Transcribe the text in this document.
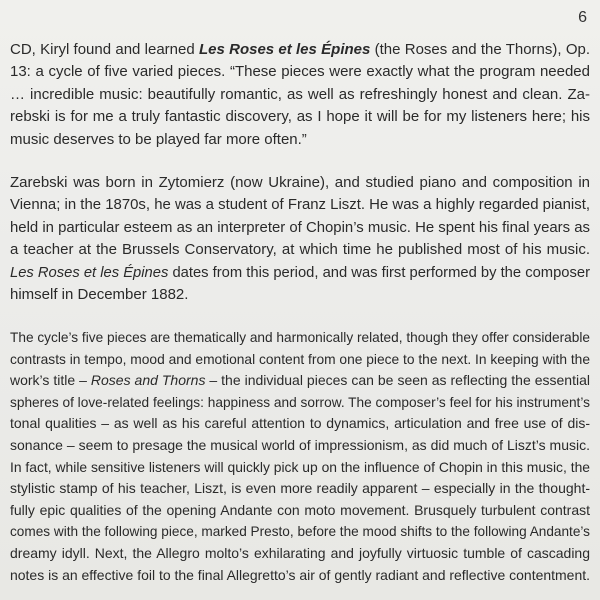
6
CD, Kiryl found and learned Les Roses et les Épines (the Roses and the Thorns), Op.
13: a cycle of five varied pieces. “These pieces were exactly what the program needed
… incredible music: beautifully romantic, as well as refreshingly honest and clean. Za-
rebski is for me a truly fantastic discovery, as I hope it will be for my listeners here; his
music deserves to be played far more often.”
Zarebski was born in Zytomierz (now Ukraine), and studied piano and composition in
Vienna; in the 1870s, he was a student of Franz Liszt. He was a highly regarded pianist,
held in particular esteem as an interpreter of Chopin’s music. He spent his final years as
a teacher at the Brussels Conservatory, at which time he published most of his music.
Les Roses et les Épines dates from this period, and was first performed by the composer
himself in December 1882.
The cycle’s five pieces are thematically and harmonically related, though they offer considerable
contrasts in tempo, mood and emotional content from one piece to the next. In keeping with the
work’s title – Roses and Thorns – the individual pieces can be seen as reflecting the essential
spheres of love-related feelings: happiness and sorrow. The composer’s feel for his instrument’s
tonal qualities – as well as his careful attention to dynamics, articulation and free use of dis-
sonance – seem to presage the musical world of impressionism, as did much of Liszt’s music.
In fact, while sensitive listeners will quickly pick up on the influence of Chopin in this music, the
stylistic stamp of his teacher, Liszt, is even more readily apparent – especially in the thought-
fully epic qualities of the opening Andante con moto movement. Brusquely turbulent contrast
comes with the following piece, marked Presto, before the mood shifts to the following Andante’s
dreamy idyll. Next, the Allegro molto’s exhilarating and joyfully virtuosic tumble of cascading
notes is an effective foil to the final Allegretto’s air of gently radiant and reflective contentment.
